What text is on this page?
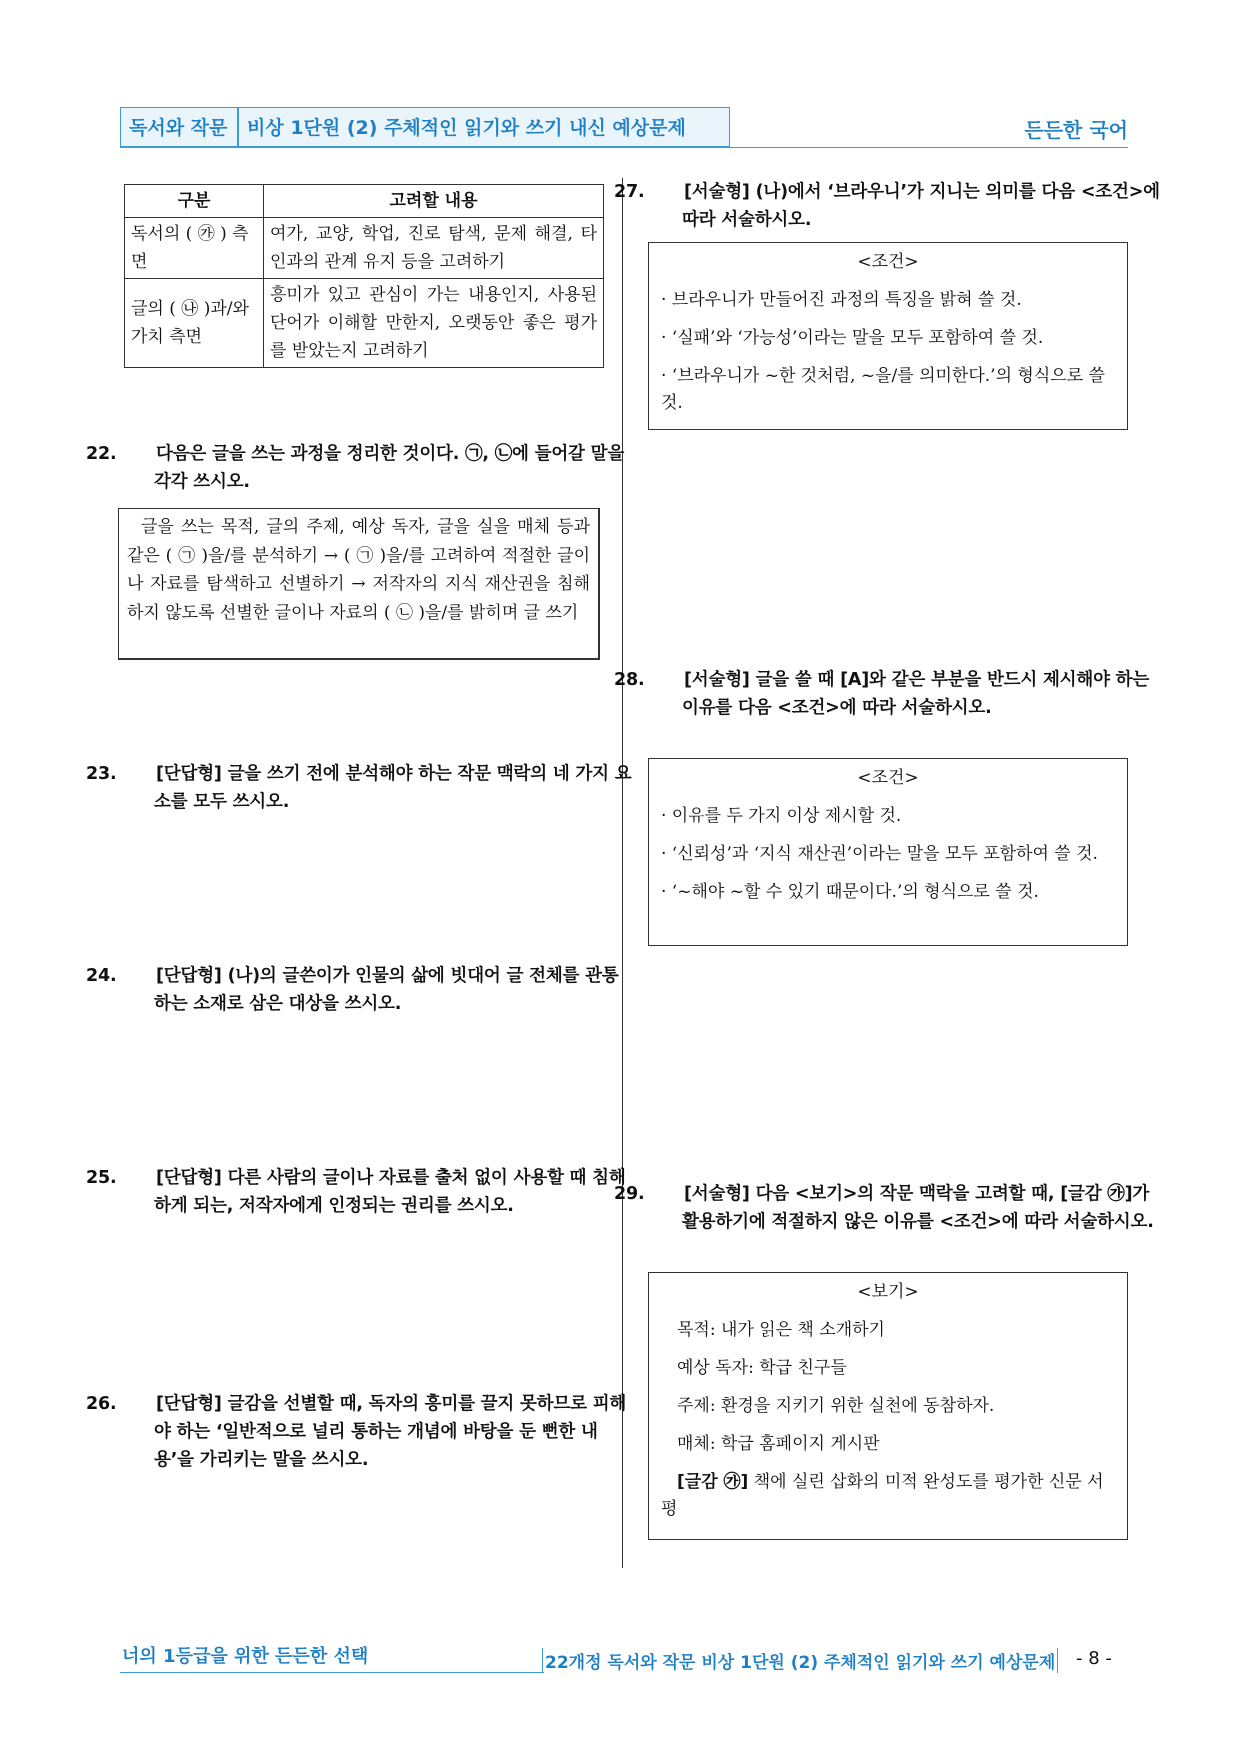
독서와 작문	비상 1단원 (2) 주체적인 읽기와 쓰기 내신 예상문제	든든한 국어
구분	고려할 내용
독서의 ( ㉮ ) 측면	여가, 교양, 학업, 진로 탐색, 문제 해결, 타인과의 관계 유지 등을 고려하기
글의 ( ㉯ )과/와 가치 측면	흥미가 있고 관심이 가는 내용인지, 사용된 단어가 이해할 만한지, 오랫동안 좋은 평가를 받았는지 고려하기
22. 다음은 글을 쓰는 과정을 정리한 것이다. ㉠, ㉡에 들어갈 말을 각각 쓰시오.
글을 쓰는 목적, 글의 주제, 예상 독자, 글을 실을 매체 등과 같은 ( ㉠ )을/를 분석하기 → ( ㉠ )을/를 고려하여 적절한 글이나 자료를 탐색하고 선별하기 → 저작자의 지식 재산권을 침해하지 않도록 선별한 글이나 자료의 ( ㉡ )을/를 밝히며 글 쓰기
23. [단답형] 글을 쓰기 전에 분석해야 하는 작문 맥락의 네 가지 요소를 모두 쓰시오.
24. [단답형] (나)의 글쓴이가 인물의 삶에 빗대어 글 전체를 관통하는 소재로 삼은 대상을 쓰시오.
25. [단답형] 다른 사람의 글이나 자료를 출처 없이 사용할 때 침해하게 되는, 저작자에게 인정되는 권리를 쓰시오.
26. [단답형] 글감을 선별할 때, 독자의 흥미를 끌지 못하므로 피해야 하는 ‘일반적으로 널리 통하는 개념에 바탕을 둔 뻔한 내용’을 가리키는 말을 쓰시오.
27. [서술형] (나)에서 ‘브라우니’가 지니는 의미를 다음 <조건>에 따라 서술하시오.
<조건>
· 브라우니가 만들어진 과정의 특징을 밝혀 쓸 것.
· ‘실패’와 ‘가능성’이라는 말을 모두 포함하여 쓸 것.
· ‘브라우니가 ~한 것처럼, ~을/를 의미한다.’의 형식으로 쓸 것.
28. [서술형] 글을 쓸 때 [A]와 같은 부분을 반드시 제시해야 하는 이유를 다음 <조건>에 따라 서술하시오.
<조건>
· 이유를 두 가지 이상 제시할 것.
· ‘신뢰성’과 ‘지식 재산권’이라는 말을 모두 포함하여 쓸 것.
· ‘~해야 ~할 수 있기 때문이다.’의 형식으로 쓸 것.
29. [서술형] 다음 <보기>의 작문 맥락을 고려할 때, [글감 ㉮]가 활용하기에 적절하지 않은 이유를 <조건>에 따라 서술하시오.
<보기>
목적: 내가 읽은 책 소개하기
예상 독자: 학급 친구들
주제: 환경을 지키기 위한 실천에 동참하자.
매체: 학급 홈페이지 게시판
[글감 ㉮] 책에 실린 삽화의 미적 완성도를 평가한 신문 서평
너의 1등급을 위한 든든한 선택	22개정 독서와 작문 비상 1단원 (2) 주체적인 읽기와 쓰기 예상문제 - 8 -
